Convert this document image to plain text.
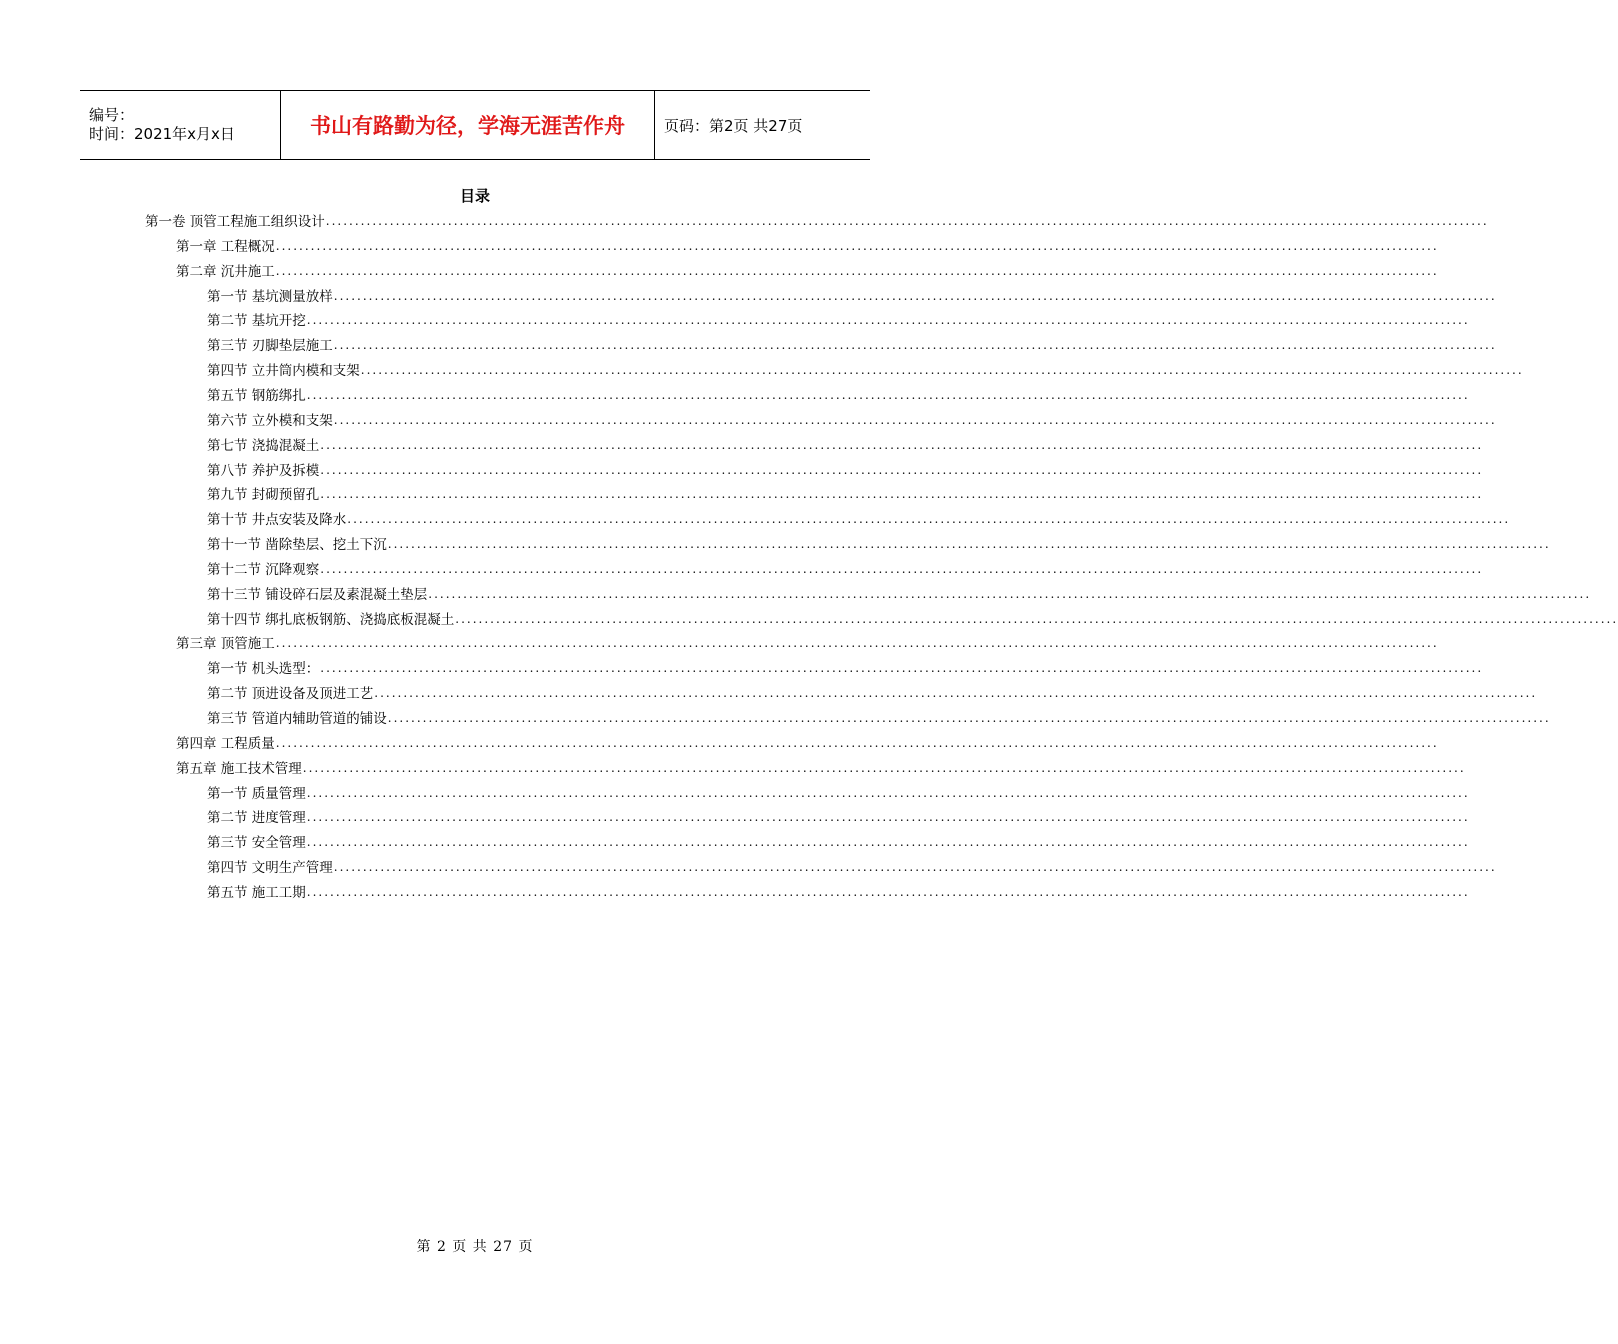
编号：
时间：2021年x月x日	书山有路勤为径，学海无涯苦作舟	页码：第2页 共27页
目录
第一卷 顶管工程施工组织设计 ........................................................................................................................................................................................................
第一章 工程概况 ........................................................................................................................................................................................................
第二章 沉井施工 ........................................................................................................................................................................................................
第一节 基坑测量放样 ........................................................................................................................................................................................................
第二节 基坑开挖 ........................................................................................................................................................................................................
第三节 刃脚垫层施工 ........................................................................................................................................................................................................
第四节 立井筒内模和支架 ........................................................................................................................................................................................................
第五节 钢筋绑扎 ........................................................................................................................................................................................................
第六节 立外模和支架 ........................................................................................................................................................................................................
第七节 浇捣混凝土 ........................................................................................................................................................................................................
第八节 养护及拆模 ........................................................................................................................................................................................................
第九节 封砌预留孔 ........................................................................................................................................................................................................
第十节 井点安装及降水 ........................................................................................................................................................................................................
第十一节 凿除垫层、挖土下沉 ........................................................................................................................................................................................................
第十二节 沉降观察 ........................................................................................................................................................................................................
第十三节 铺设碎石层及素混凝土垫层 ........................................................................................................................................................................................................
第十四节 绑扎底板钢筋、浇捣底板混凝土 ........................................................................................................................................................................................................
第三章 顶管施工 ........................................................................................................................................................................................................
第一节 机头选型： ........................................................................................................................................................................................................
第二节 顶进设备及顶进工艺 ........................................................................................................................................................................................................
第三节 管道内辅助管道的铺设 ........................................................................................................................................................................................................
第四章 工程质量 ........................................................................................................................................................................................................
第五章 施工技术管理 ........................................................................................................................................................................................................
第一节 质量管理 ........................................................................................................................................................................................................
第二节 进度管理 ........................................................................................................................................................................................................
第三节 安全管理 ........................................................................................................................................................................................................
第四节 文明生产管理 ........................................................................................................................................................................................................
第五节 施工工期 ........................................................................................................................................................................................................
第 2 页 共 27 页
